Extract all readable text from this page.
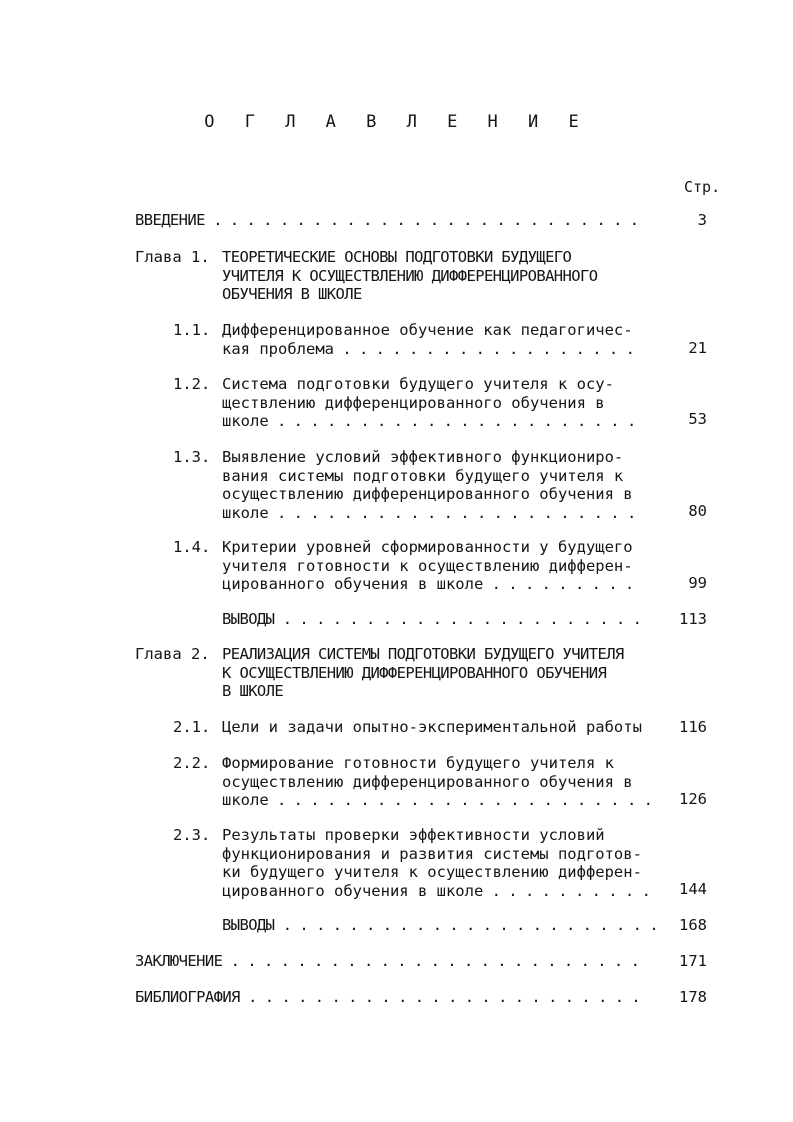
О Г Л А В Л Е Н И Е
Стр.
ВВЕДЕНИЕ . . .	3
Глава 1. ТЕОРЕТИЧЕСКИЕ ОСНОВЫ ПОДГОТОВКИ БУДУЩЕГО
УЧИТЕЛЯ К ОСУЩЕСТВЛЕНИЮ ДИФФЕРЕНЦИРОВАННОГО
ОБУЧЕНИЯ В ШКОЛЕ
1.1. Дифференцированное обучение как педагогичес-
кая проблема . . .	21
1.2. Система подготовки будущего учителя к осу-
ществлению дифференцированного обучения в
школе . . .	53
1.3. Выявление условий эффективного функциониро-
вания системы подготовки будущего учителя к
осуществлению дифференцированного обучения в
школе . . .	80
1.4. Критерии уровней сформированности у будущего
учителя готовности к осуществлению дифферен-
цированного обучения в школе . . .	99
ВЫВОДЫ . . .	113
Глава 2. РЕАЛИЗАЦИЯ СИСТЕМЫ ПОДГОТОВКИ БУДУЩЕГО УЧИТЕЛЯ
К ОСУЩЕСТВЛЕНИЮ ДИФФЕРЕНЦИРОВАННОГО ОБУЧЕНИЯ
В ШКОЛЕ
2.1. Цели и задачи опытно-экспериментальной работы	116
2.2. Формирование готовности будущего учителя к
осуществлению дифференцированного обучения в
школе . . .	126
2.3. Результаты проверки эффективности условий
функционирования и развития системы подготов-
ки будущего учителя к осуществлению дифферен-
цированного обучения в школе . . .	144
ВЫВОДЫ . . .	168
ЗАКЛЮЧЕНИЕ . . .	171
БИБЛИОГРАФИЯ . . .	178
